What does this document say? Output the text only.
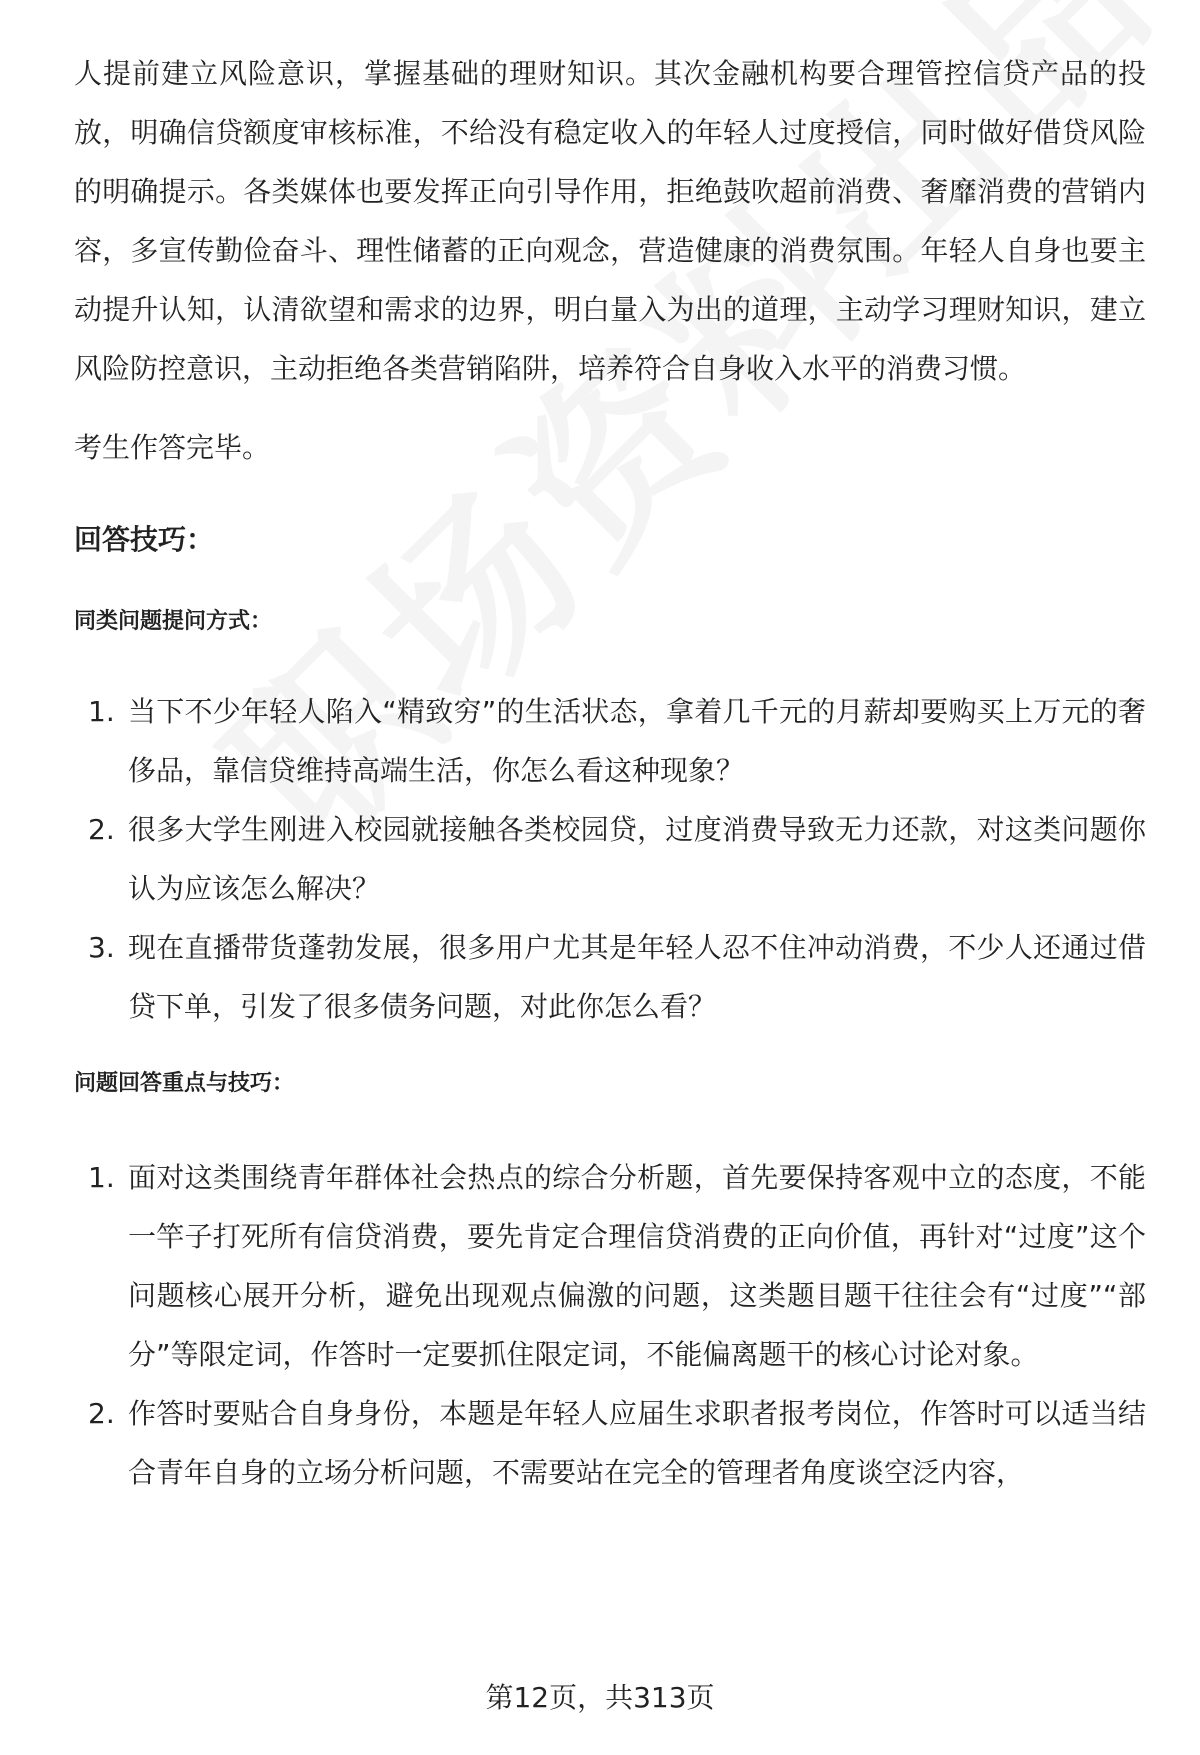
人提前建立风险意识，掌握基础的理财知识。其次金融机构要合理管控信贷产品的投放，明确信贷额度审核标准，不给没有稳定收入的年轻人过度授信，同时做好借贷风险的明确提示。各类媒体也要发挥正向引导作用，拒绝鼓吹超前消费、奢靡消费的营销内容，多宣传勤俭奋斗、理性储蓄的正向观念，营造健康的消费氛围。年轻人自身也要主动提升认知，认清欲望和需求的边界，明白量入为出的道理，主动学习理财知识，建立风险防控意识，主动拒绝各类营销陷阱，培养符合自身收入水平的消费习惯。

考生作答完毕。

回答技巧：
同类问题提问方式：
1. 当下不少年轻人陷入“精致穷”的生活状态，拿着几千元的月薪却要购买上万元的奢侈品，靠信贷维持高端生活，你怎么看这种现象？
2. 很多大学生刚进入校园就接触各类校园贷，过度消费导致无力还款，对这类问题你认为应该怎么解决？
3. 现在直播带货蓬勃发展，很多用户尤其是年轻人忍不住冲动消费，不少人还通过借贷下单，引发了很多债务问题，对此你怎么看？
问题回答重点与技巧：
1. 面对这类围绕青年群体社会热点的综合分析题，首先要保持客观中立的态度，不能一竿子打死所有信贷消费，要先肯定合理信贷消费的正向价值，再针对“过度”这个问题核心展开分析，避免出现观点偏激的问题，这类题目题干往往会有“过度”“部分”等限定词，作答时一定要抓住限定词，不能偏离题干的核心讨论对象。
2. 作答时要贴合自身身份，本题是年轻人应届生求职者报考岗位，作答时可以适当结合青年自身的立场分析问题，不需要站在完全的管理者角度谈空泛内容，
第12页，共313页
